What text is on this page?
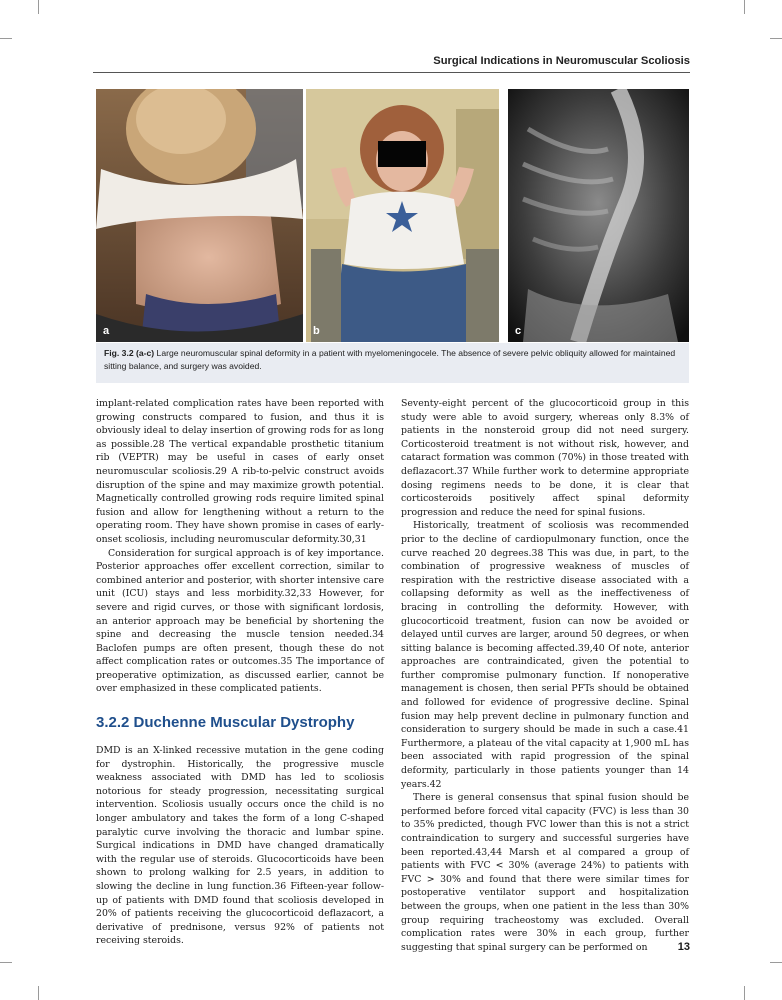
Surgical Indications in Neuromuscular Scoliosis
a	b	c
Fig. 3.2 (a-c) Large neuromuscular spinal deformity in a patient with myelomeningocele. The absence of severe pelvic obliquity allowed for maintained sitting balance, and surgery was avoided.

implant-related complication rates have been reported with growing constructs compared to fusion, and thus it is obviously ideal to delay insertion of growing rods for as long as possible.28 The vertical expandable prosthetic titanium rib (VEPTR) may be useful in cases of early onset neuromuscular scoliosis.29 A rib-to-pelvic construct avoids disruption of the spine and may maximize growth potential. Magnetically controlled growing rods require limited spinal fusion and allow for lengthening without a return to the operating room. They have shown promise in cases of early-onset scoliosis, including neuromuscular deformity.30,31

Consideration for surgical approach is of key importance. Posterior approaches offer excellent correction, similar to combined anterior and posterior, with shorter intensive care unit (ICU) stays and less morbidity.32,33 However, for severe and rigid curves, or those with significant lordosis, an anterior approach may be beneficial by shortening the spine and decreasing the muscle tension needed.34 Baclofen pumps are often present, though these do not affect complication rates or outcomes.35 The importance of preoperative optimization, as discussed earlier, cannot be over emphasized in these complicated patients.

3.2.2 Duchenne Muscular Dystrophy

DMD is an X-linked recessive mutation in the gene coding for dystrophin. Historically, the progressive muscle weakness associated with DMD has led to scoliosis notorious for steady progression, necessitating surgical intervention. Scoliosis usually occurs once the child is no longer ambulatory and takes the form of a long C-shaped paralytic curve involving the thoracic and lumbar spine. Surgical indications in DMD have changed dramatically with the regular use of steroids. Glucocorticoids have been shown to prolong walking for 2.5 years, in addition to slowing the decline in lung function.36 Fifteen-year follow-up of patients with DMD found that scoliosis developed in 20% of patients receiving the glucocorticoid deflazacort, a derivative of prednisone, versus 92% of patients not receiving steroids.

Seventy-eight percent of the glucocorticoid group in this study were able to avoid surgery, whereas only 8.3% of patients in the nonsteroid group did not need surgery. Corticosteroid treatment is not without risk, however, and cataract formation was common (70%) in those treated with deflazacort.37 While further work to determine appropriate dosing regimens needs to be done, it is clear that corticosteroids positively affect spinal deformity progression and reduce the need for spinal fusions.

Historically, treatment of scoliosis was recommended prior to the decline of cardiopulmonary function, once the curve reached 20 degrees.38 This was due, in part, to the combination of progressive weakness of muscles of respiration with the restrictive disease associated with a collapsing deformity as well as the ineffectiveness of bracing in controlling the deformity. However, with glucocorticoid treatment, fusion can now be avoided or delayed until curves are larger, around 50 degrees, or when sitting balance is becoming affected.39,40 Of note, anterior approaches are contraindicated, given the potential to further compromise pulmonary function. If nonoperative management is chosen, then serial PFTs should be obtained and followed for evidence of progressive decline. Spinal fusion may help prevent decline in pulmonary function and consideration to surgery should be made in such a case.41 Furthermore, a plateau of the vital capacity at 1,900 mL has been associated with rapid progression of the spinal deformity, particularly in those patients younger than 14 years.42

There is general consensus that spinal fusion should be performed before forced vital capacity (FVC) is less than 30 to 35% predicted, though FVC lower than this is not a strict contraindication to surgery and successful surgeries have been reported.43,44 Marsh et al compared a group of patients with FVC < 30% (average 24%) to patients with FVC > 30% and found that there were similar times for postoperative ventilator support and hospitalization between the groups, when one patient in the less than 30% group requiring tracheostomy was excluded. Overall complication rates were 30% in each group, further suggesting that spinal surgery can be performed on	13
